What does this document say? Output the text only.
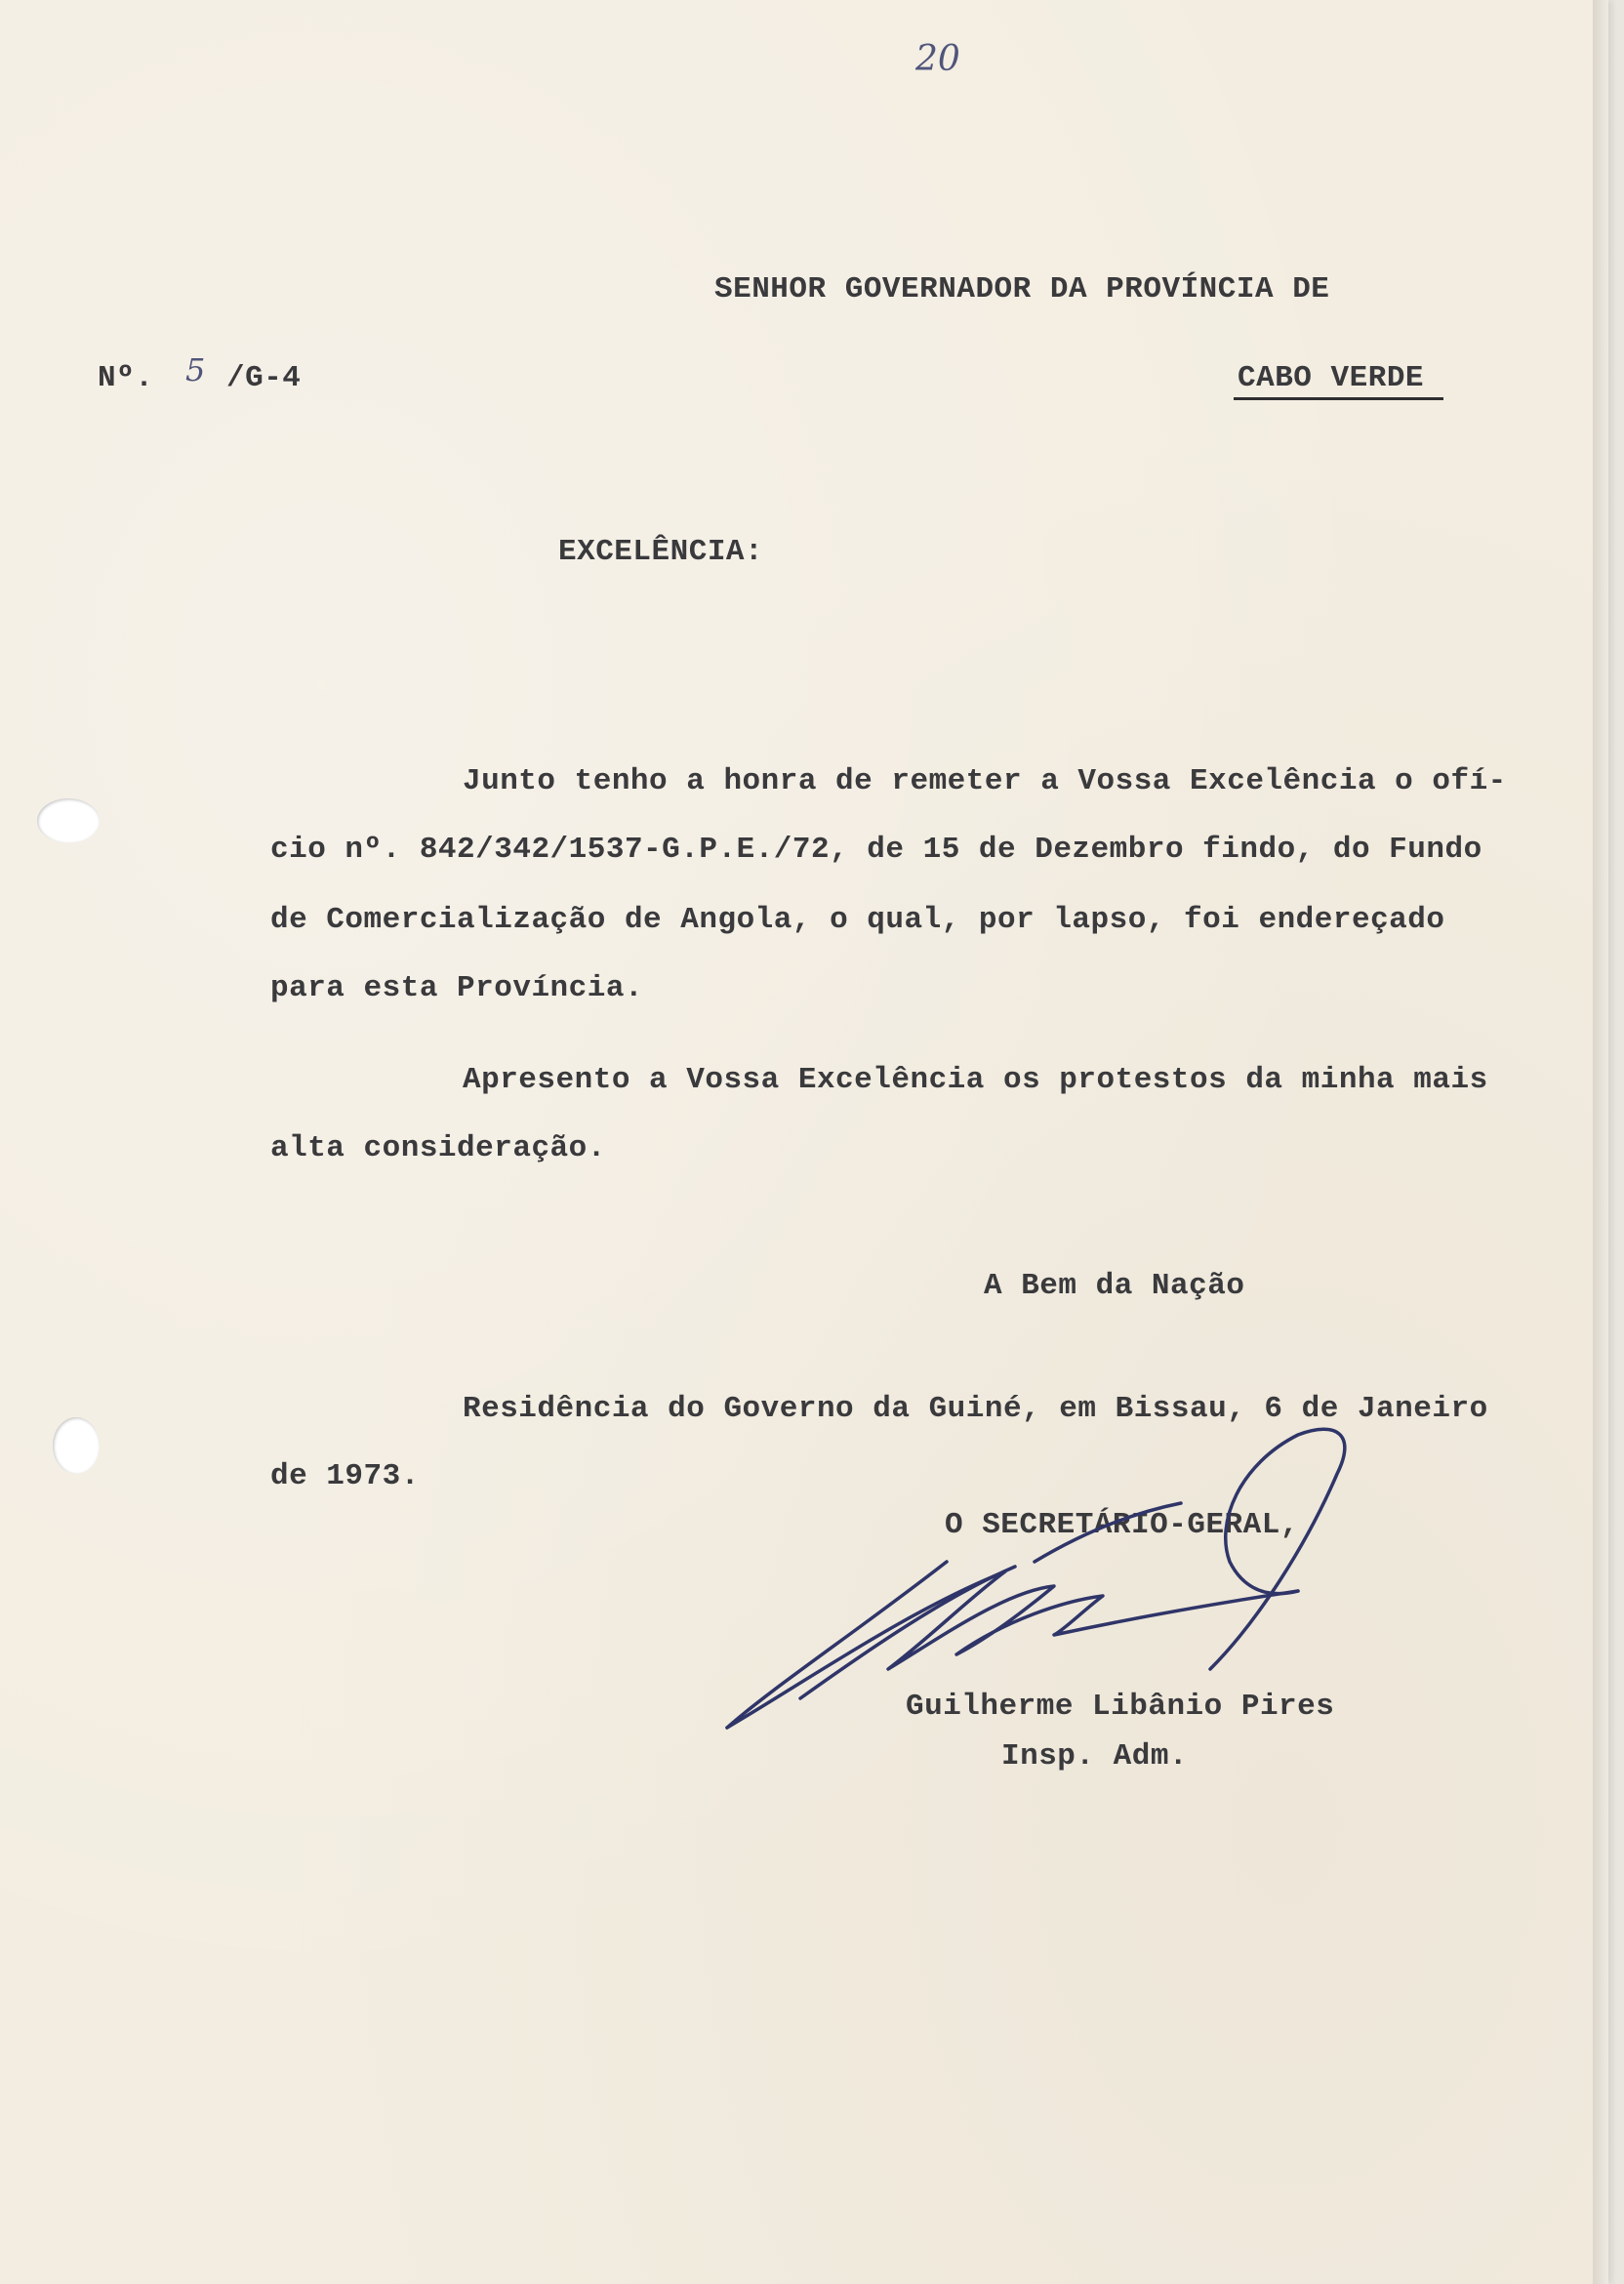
20
SENHOR GOVERNADOR DA PROVÍNCIA DE
Nº. 5 /G-4	CABO VERDE
EXCELÊNCIA:
Junto tenho a honra de remeter a Vossa Excelência o ofí-
cio nº. 842/342/1537-G.P.E./72, de 15 de Dezembro findo, do Fundo
de Comercialização de Angola, o qual, por lapso, foi endereçado
para esta Província.
Apresento a Vossa Excelência os protestos da minha mais
alta consideração.
A Bem da Nação
Residência do Governo da Guiné, em Bissau, 6 de Janeiro
de 1973.
O SECRETÁRIO-GERAL,
Guilherme Libânio Pires
Insp. Adm.
